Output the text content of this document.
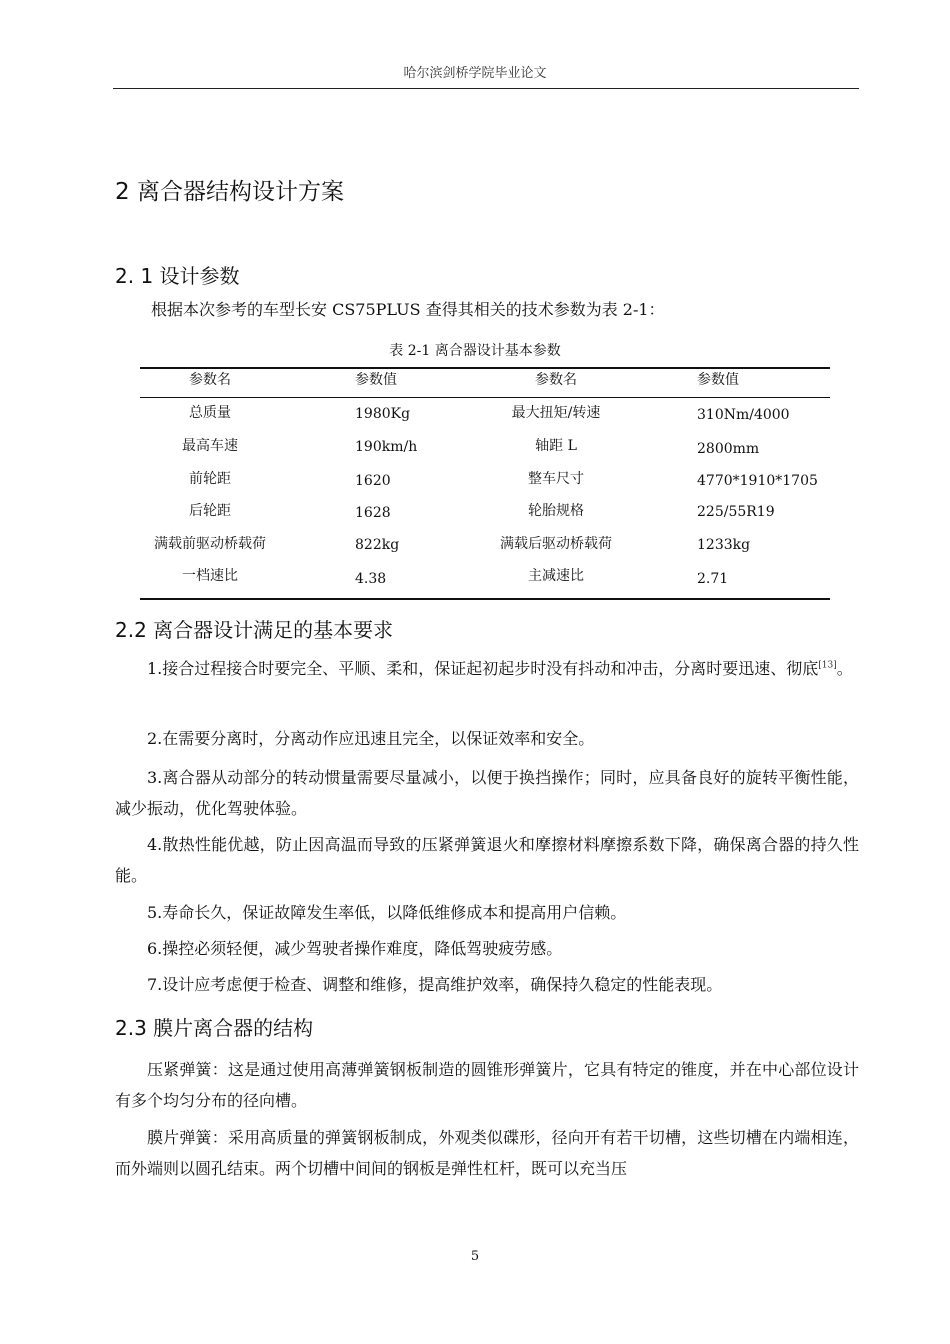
哈尔滨剑桥学院毕业论文
2 离合器结构设计方案
2. 1 设计参数
根据本次参考的车型长安 CS75PLUS 查得其相关的技术参数为表 2-1：
表 2-1 离合器设计基本参数
参数名	参数值	参数名	参数值
总质量	1980Kg	最大扭矩/转速	310Nm/4000
最高车速	190km/h	轴距 L	2800mm
前轮距	1620	整车尺寸	4770*1910*1705
后轮距	1628	轮胎规格	225/55R19
满载前驱动桥载荷	822kg	满载后驱动桥载荷	1233kg
一档速比	4.38	主减速比	2.71
2.2 离合器设计满足的基本要求

1.接合过程接合时要完全、平顺、柔和，保证起初起步时没有抖动和冲击，分离时要迅速、彻底[13]。

2.在需要分离时，分离动作应迅速且完全，以保证效率和安全。

3.离合器从动部分的转动惯量需要尽量减小，以便于换挡操作；同时，应具备良好的旋转平衡性能，减少振动，优化驾驶体验。

4.散热性能优越，防止因高温而导致的压紧弹簧退火和摩擦材料摩擦系数下降，确保离合器的持久性能。

5.寿命长久，保证故障发生率低，以降低维修成本和提高用户信赖。

6.操控必须轻便，减少驾驶者操作难度，降低驾驶疲劳感。

7.设计应考虑便于检查、调整和维修，提高维护效率，确保持久稳定的性能表现。

2.3 膜片离合器的结构

压紧弹簧：这是通过使用高薄弹簧钢板制造的圆锥形弹簧片，它具有特定的锥度，并在中心部位设计有多个均匀分布的径向槽。

膜片弹簧：采用高质量的弹簧钢板制成，外观类似碟形，径向开有若干切槽，这些切槽在内端相连，而外端则以圆孔结束。两个切槽中间间的钢板是弹性杠杆，既可以充当压

5
